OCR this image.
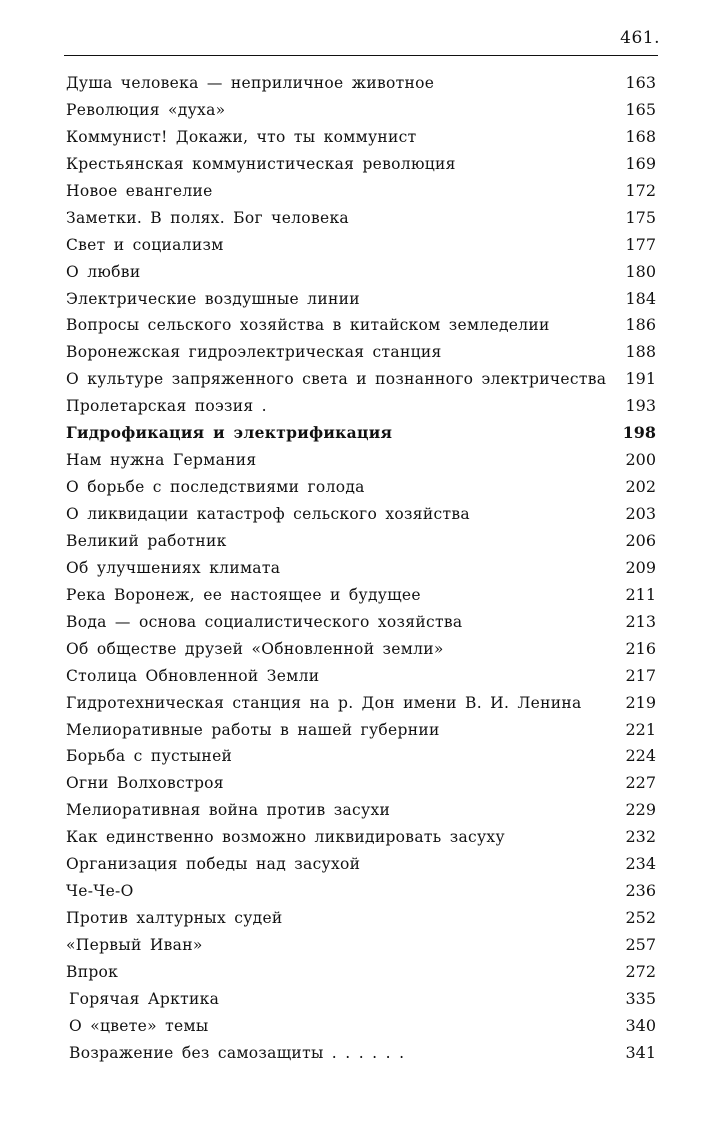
461.
Душа человека — неприличное животное	163
Революция «духа»	165
Коммунист! Докажи, что ты коммунист	168
Крестьянская коммунистическая революция	169
Новое евангелие	172
Заметки. В полях. Бог человека	175
Свет и социализм	177
О любви	180
Электрические воздушные линии	184
Вопросы сельского хозяйства в китайском земледелии	186
Воронежская гидроэлектрическая станция	188
О культуре запряженного света и познанного электричества	191
Пролетарская поэзия .	193
Гидрофикация и электрификация	198
Нам нужна Германия	200
О борьбе с последствиями голода	202
О ликвидации катастроф сельского хозяйства	203
Великий работник	206
Об улучшениях климата	209
Река Воронеж, ее настоящее и будущее	211
Вода — основа социалистического хозяйства	213
Об обществе друзей «Обновленной земли»	216
Столица Обновленной Земли	217
Гидротехническая станция на р. Дон имени В. И. Ленина	219
Мелиоративные работы в нашей губернии	221
Борьба с пустыней	224
Огни Волховстроя	227
Мелиоративная война против засухи	229
Как единственно возможно ликвидировать засуху	232
Организация победы над засухой	234
Че-Че-О	236
Против халтурных судей	252
«Первый Иван»	257
Впрок	272
Горячая Арктика	335
О «цвете» темы	340
Возражение без самозащиты . . . . . .	341
